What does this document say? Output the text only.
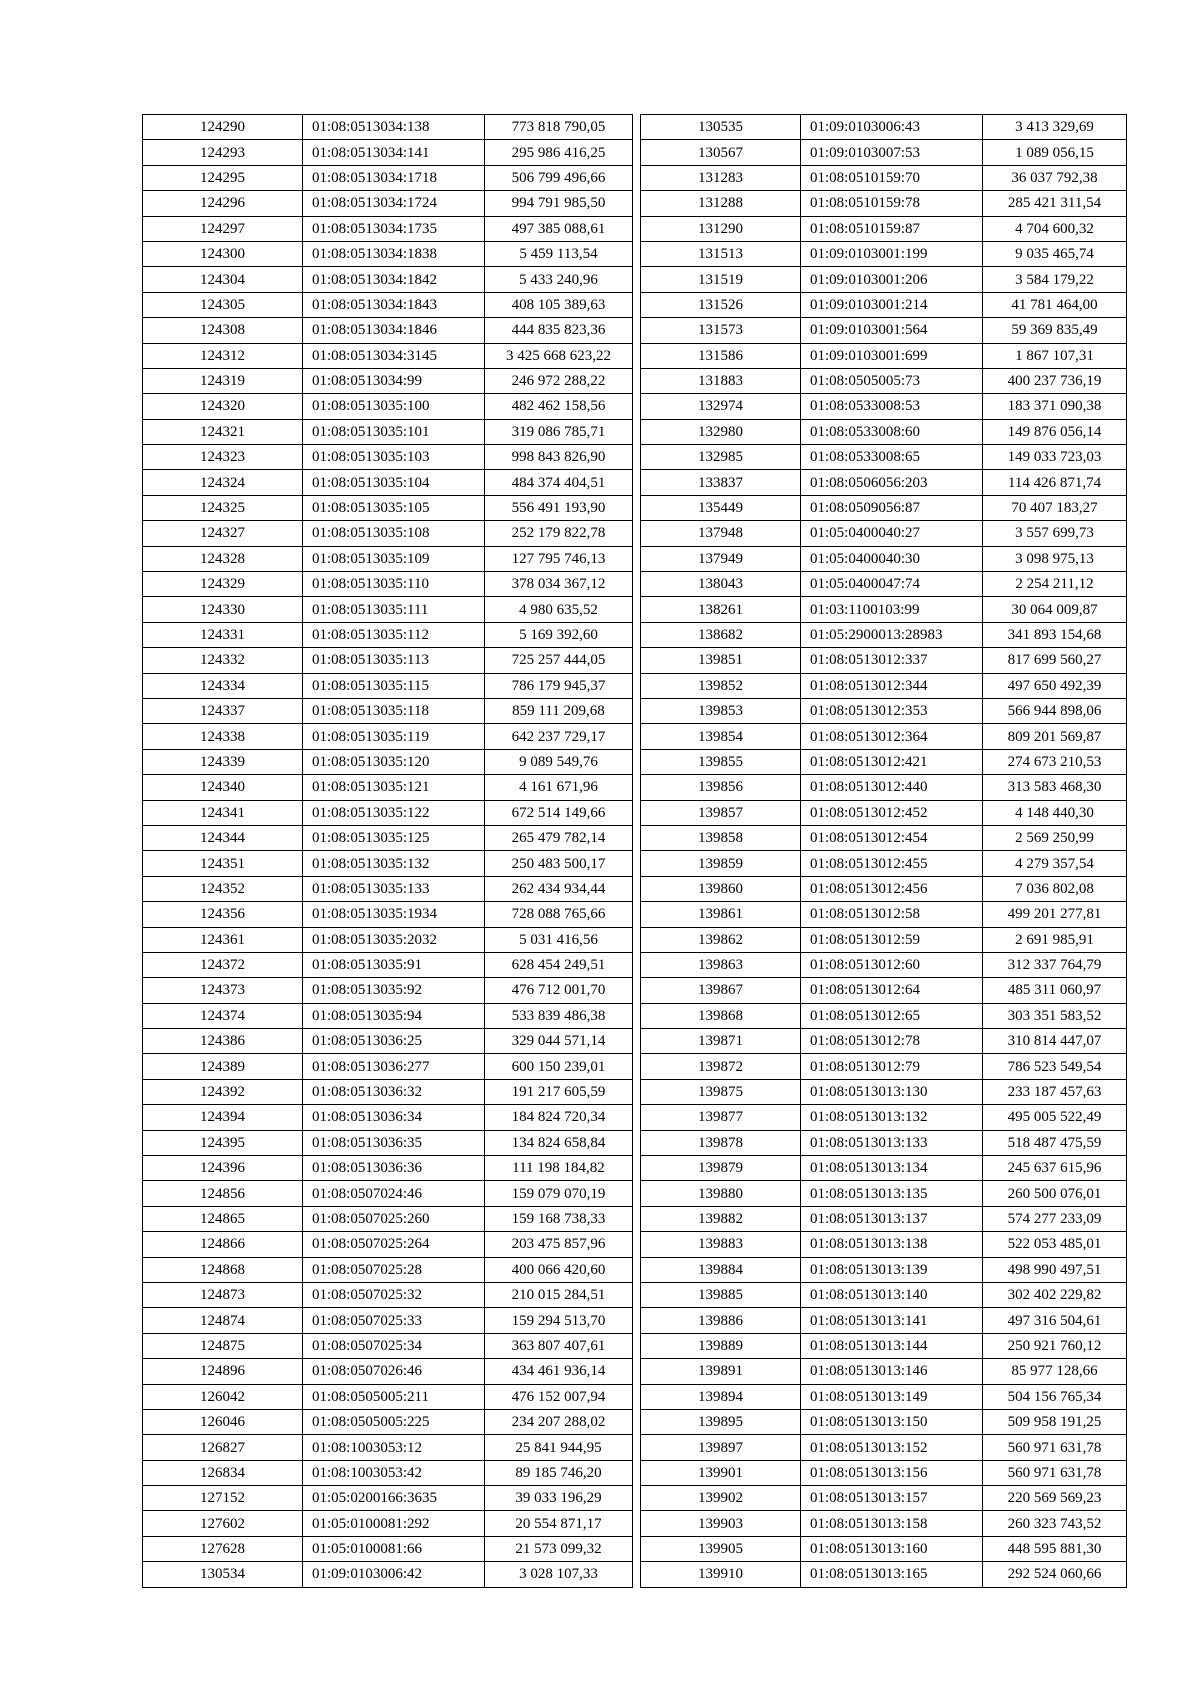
124290	01:08:0513034:138	773 818 790,05
124293	01:08:0513034:141	295 986 416,25
124295	01:08:0513034:1718	506 799 496,66
124296	01:08:0513034:1724	994 791 985,50
124297	01:08:0513034:1735	497 385 088,61
124300	01:08:0513034:1838	5 459 113,54
124304	01:08:0513034:1842	5 433 240,96
124305	01:08:0513034:1843	408 105 389,63
124308	01:08:0513034:1846	444 835 823,36
124312	01:08:0513034:3145	3 425 668 623,22
124319	01:08:0513034:99	246 972 288,22
124320	01:08:0513035:100	482 462 158,56
124321	01:08:0513035:101	319 086 785,71
124323	01:08:0513035:103	998 843 826,90
124324	01:08:0513035:104	484 374 404,51
124325	01:08:0513035:105	556 491 193,90
124327	01:08:0513035:108	252 179 822,78
124328	01:08:0513035:109	127 795 746,13
124329	01:08:0513035:110	378 034 367,12
124330	01:08:0513035:111	4 980 635,52
124331	01:08:0513035:112	5 169 392,60
124332	01:08:0513035:113	725 257 444,05
124334	01:08:0513035:115	786 179 945,37
124337	01:08:0513035:118	859 111 209,68
124338	01:08:0513035:119	642 237 729,17
124339	01:08:0513035:120	9 089 549,76
124340	01:08:0513035:121	4 161 671,96
124341	01:08:0513035:122	672 514 149,66
124344	01:08:0513035:125	265 479 782,14
124351	01:08:0513035:132	250 483 500,17
124352	01:08:0513035:133	262 434 934,44
124356	01:08:0513035:1934	728 088 765,66
124361	01:08:0513035:2032	5 031 416,56
124372	01:08:0513035:91	628 454 249,51
124373	01:08:0513035:92	476 712 001,70
124374	01:08:0513035:94	533 839 486,38
124386	01:08:0513036:25	329 044 571,14
124389	01:08:0513036:277	600 150 239,01
124392	01:08:0513036:32	191 217 605,59
124394	01:08:0513036:34	184 824 720,34
124395	01:08:0513036:35	134 824 658,84
124396	01:08:0513036:36	111 198 184,82
124856	01:08:0507024:46	159 079 070,19
124865	01:08:0507025:260	159 168 738,33
124866	01:08:0507025:264	203 475 857,96
124868	01:08:0507025:28	400 066 420,60
124873	01:08:0507025:32	210 015 284,51
124874	01:08:0507025:33	159 294 513,70
124875	01:08:0507025:34	363 807 407,61
124896	01:08:0507026:46	434 461 936,14
126042	01:08:0505005:211	476 152 007,94
126046	01:08:0505005:225	234 207 288,02
126827	01:08:1003053:12	25 841 944,95
126834	01:08:1003053:42	89 185 746,20
127152	01:05:0200166:3635	39 033 196,29
127602	01:05:0100081:292	20 554 871,17
127628	01:05:0100081:66	21 573 099,32
130534	01:09:0103006:42	3 028 107,33
130535	01:09:0103006:43	3 413 329,69
130567	01:09:0103007:53	1 089 056,15
131283	01:08:0510159:70	36 037 792,38
131288	01:08:0510159:78	285 421 311,54
131290	01:08:0510159:87	4 704 600,32
131513	01:09:0103001:199	9 035 465,74
131519	01:09:0103001:206	3 584 179,22
131526	01:09:0103001:214	41 781 464,00
131573	01:09:0103001:564	59 369 835,49
131586	01:09:0103001:699	1 867 107,31
131883	01:08:0505005:73	400 237 736,19
132974	01:08:0533008:53	183 371 090,38
132980	01:08:0533008:60	149 876 056,14
132985	01:08:0533008:65	149 033 723,03
133837	01:08:0506056:203	114 426 871,74
135449	01:08:0509056:87	70 407 183,27
137948	01:05:0400040:27	3 557 699,73
137949	01:05:0400040:30	3 098 975,13
138043	01:05:0400047:74	2 254 211,12
138261	01:03:1100103:99	30 064 009,87
138682	01:05:2900013:28983	341 893 154,68
139851	01:08:0513012:337	817 699 560,27
139852	01:08:0513012:344	497 650 492,39
139853	01:08:0513012:353	566 944 898,06
139854	01:08:0513012:364	809 201 569,87
139855	01:08:0513012:421	274 673 210,53
139856	01:08:0513012:440	313 583 468,30
139857	01:08:0513012:452	4 148 440,30
139858	01:08:0513012:454	2 569 250,99
139859	01:08:0513012:455	4 279 357,54
139860	01:08:0513012:456	7 036 802,08
139861	01:08:0513012:58	499 201 277,81
139862	01:08:0513012:59	2 691 985,91
139863	01:08:0513012:60	312 337 764,79
139867	01:08:0513012:64	485 311 060,97
139868	01:08:0513012:65	303 351 583,52
139871	01:08:0513012:78	310 814 447,07
139872	01:08:0513012:79	786 523 549,54
139875	01:08:0513013:130	233 187 457,63
139877	01:08:0513013:132	495 005 522,49
139878	01:08:0513013:133	518 487 475,59
139879	01:08:0513013:134	245 637 615,96
139880	01:08:0513013:135	260 500 076,01
139882	01:08:0513013:137	574 277 233,09
139883	01:08:0513013:138	522 053 485,01
139884	01:08:0513013:139	498 990 497,51
139885	01:08:0513013:140	302 402 229,82
139886	01:08:0513013:141	497 316 504,61
139889	01:08:0513013:144	250 921 760,12
139891	01:08:0513013:146	85 977 128,66
139894	01:08:0513013:149	504 156 765,34
139895	01:08:0513013:150	509 958 191,25
139897	01:08:0513013:152	560 971 631,78
139901	01:08:0513013:156	560 971 631,78
139902	01:08:0513013:157	220 569 569,23
139903	01:08:0513013:158	260 323 743,52
139905	01:08:0513013:160	448 595 881,30
139910	01:08:0513013:165	292 524 060,66
